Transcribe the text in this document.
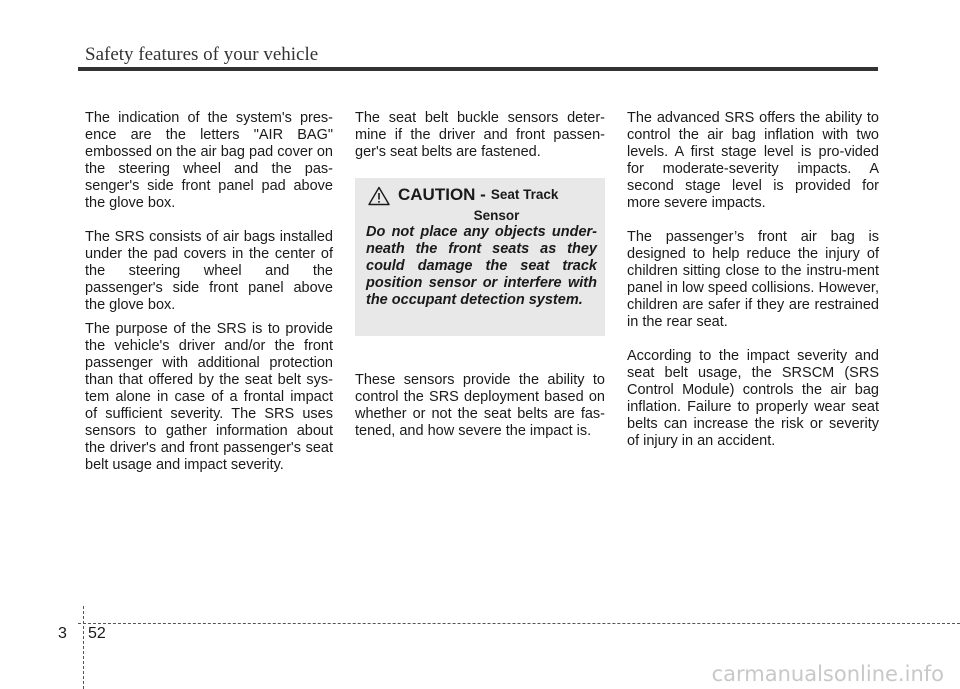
Safety features of your vehicle

The indication of the system's pres-ence are the letters "AIR BAG" embossed on the air bag pad cover on the steering wheel and the pas-senger's side front panel pad above the glove box.

The SRS consists of air bags installed under the pad covers in the center of the steering wheel and the passenger's side front panel above the glove box.

The purpose of the SRS is to provide the vehicle's driver and/or the front passenger with additional protection than that offered by the seat belt sys-tem alone in case of a frontal impact of sufficient severity. The SRS uses sensors to gather information about the driver's and front passenger's seat belt usage and impact severity.

The seat belt buckle sensors deter-mine if the driver and front passen-ger's seat belts are fastened.

CAUTION - Seat Track
Sensor

Do not place any objects under-neath the front seats as they could damage the seat track position sensor or interfere with the occupant detection system.

These sensors provide the ability to control the SRS deployment based on whether or not the seat belts are fas-tened, and how severe the impact is.

The advanced SRS offers the ability to control the air bag inflation with two levels. A first stage level is pro-vided for moderate-severity impacts. A second stage level is provided for more severe impacts.

The passenger’s front air bag is designed to help reduce the injury of children sitting close to the instru-ment panel in low speed collisions. However, children are safer if they are restrained in the rear seat.

According to the impact severity and seat belt usage, the SRSCM (SRS Control Module) controls the air bag inflation. Failure to properly wear seat belts can increase the risk or severity of injury in an accident.

3 52
carmanualsonline.info
